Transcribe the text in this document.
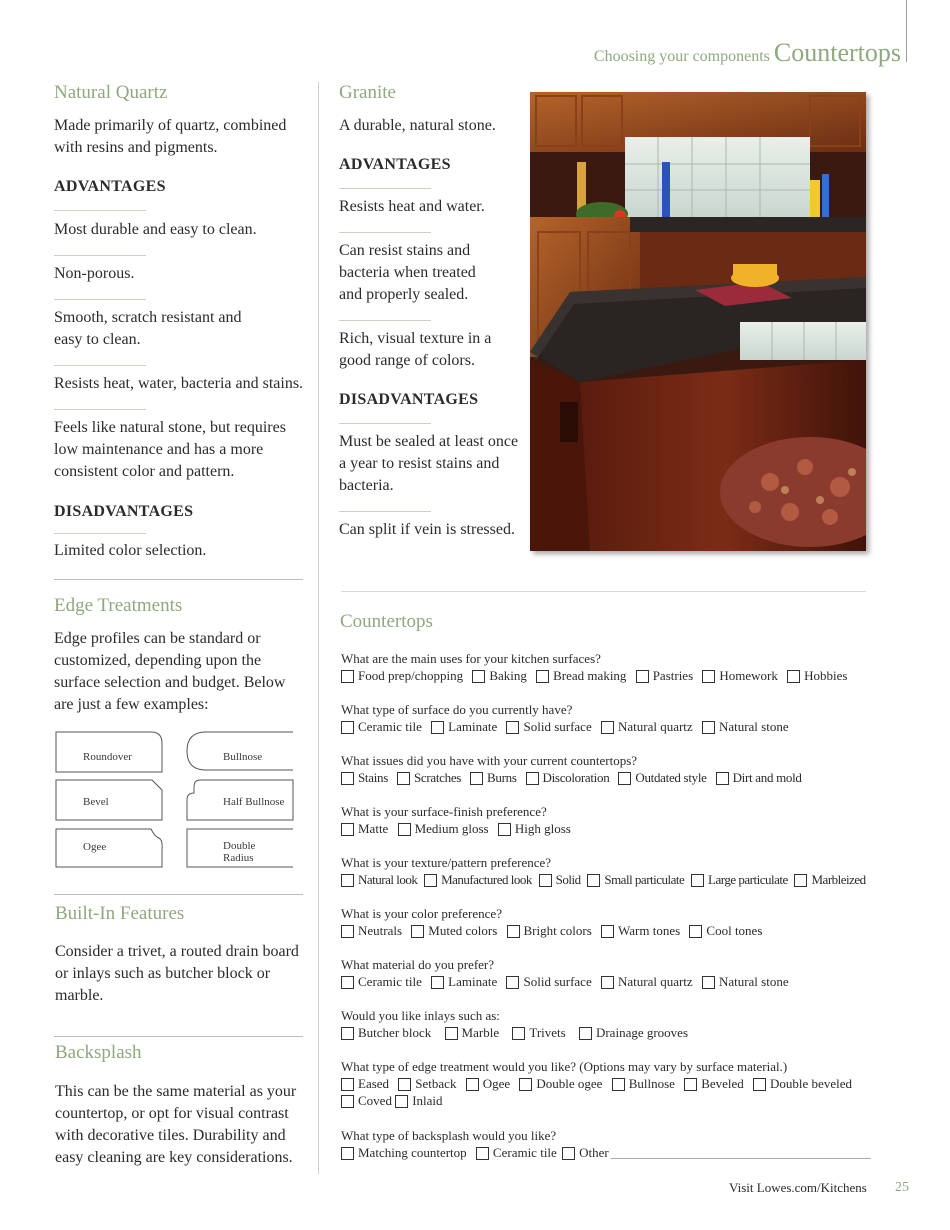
Choosing your components Countertops
Natural Quartz

Made primarily of quartz, combined with resins and pigments.

ADVANTAGES

Most durable and easy to clean.

Non-porous.

Smooth, scratch resistant and easy to clean.

Resists heat, water, bacteria and stains.

Feels like natural stone, but requires low maintenance and has a more consistent color and pattern.

DISADVANTAGES

Limited color selection.

Edge Treatments

Edge profiles can be standard or customized, depending upon the surface selection and budget. Below are just a few examples:

Roundover	Bullnose
Bevel	Half Bullnose
Ogee	Double Radius
Built-In Features

Consider a trivet, a routed drain board or inlays such as butcher block or marble.

Backsplash

This can be the same material as your countertop, or opt for visual contrast with decorative tiles. Durability and easy cleaning are key considerations.

Granite

A durable, natural stone.

ADVANTAGES

Resists heat and water.

Can resist stains and bacteria when treated and properly sealed.

Rich, visual texture in a good range of colors.

DISADVANTAGES

Must be sealed at least once a year to resist stains and bacteria.

Can split if vein is stressed.

Countertops

What are the main uses for your kitchen surfaces?

Food prep/chopping Baking Bread making Pastries Homework Hobbies

What type of surface do you currently have?

Ceramic tile Laminate Solid surface Natural quartz Natural stone

What issues did you have with your current countertops?

Stains Scratches Burns Discoloration Outdated style Dirt and mold

What is your surface-finish preference?

Matte Medium gloss High gloss

What is your texture/pattern preference?

Natural look Manufactured look Solid Small particulate Large particulate Marbleized

What is your color preference?

Neutrals Muted colors Bright colors Warm tones Cool tones

What material do you prefer?

Ceramic tile Laminate Solid surface Natural quartz Natural stone

Would you like inlays such as:

Butcher block Marble Trivets Drainage grooves

What type of edge treatment would you like? (Options may vary by surface material.)

Eased Setback Ogee Double ogee Bullnose Beveled Double beveled

Coved Inlaid

What type of backsplash would you like?

Matching countertop Ceramic tile Other ________________________________________

Visit Lowes.com/Kitchens 25
